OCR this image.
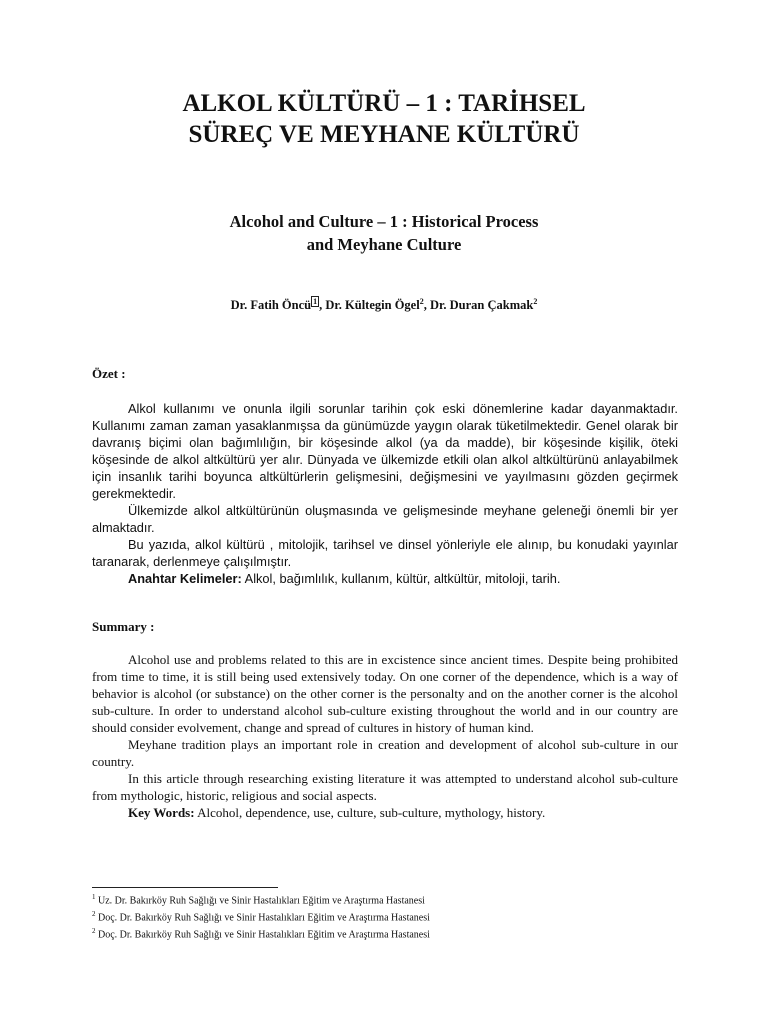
ALKOL KÜLTÜRÜ – 1 : TARİHSEL
SÜREÇ VE MEYHANE KÜLTÜRÜ
Alcohol and Culture – 1 : Historical Process
and Meyhane Culture
Dr. Fatih Öncü $^1$ , Dr. Kültegin Ögel$^2$, Dr. Duran Çakmak$^2$
Özet :

Alkol kullanımı ve onunla ilgili sorunlar tarihin çok eski dönemlerine kadar dayanmaktadır. Kullanımı zaman zaman yasaklanmışsa da günümüzde yaygın olarak tüketilmektedir. Genel olarak bir davranış biçimi olan bağımlılığın, bir köşesinde alkol (ya da madde), bir köşesinde kişilik, öteki köşesinde de alkol altkültürü yer alır. Dünyada ve ülkemizde etkili olan alkol altkültürünü anlayabilmek için insanlık tarihi boyunca altkültürlerin gelişmesini, değişmesini ve yayılmasını gözden geçirmek gerekmektedir.

Ülkemizde alkol altkültürünün oluşmasında ve gelişmesinde meyhane geleneği önemli bir yer almaktadır.

Bu yazıda, alkol kültürü , mitolojik, tarihsel ve dinsel yönleriyle ele alınıp, bu konudaki yayınlar taranarak, derlenmeye çalışılmıştır.

Anahtar Kelimeler: Alkol, bağımlılık, kullanım, kültür, altkültür, mitoloji, tarih.

Summary :

Alcohol use and problems related to this are in excistence since ancient times. Despite being prohibited from time to time, it is still being used extensively today. On one corner of the dependence, which is a way of behavior is alcohol (or substance) on the other corner is the personalty and on the another corner is the alcohol sub-culture. In order to understand alcohol sub-culture existing throughout the world and in our country are should consider evolvement, change and spread of cultures in history of human kind.

Meyhane tradition plays an important role in creation and development of alcohol sub-culture in our country.

In this article through researching existing literature it was attempted to understand alcohol sub-culture from mythologic, historic, religious and social aspects.

Key Words: Alcohol, dependence, use, culture, sub-culture, mythology, history.

$^1$ Uz. Dr. Bakırköy Ruh Sağlığı ve Sinir Hastalıkları Eğitim ve Araştırma Hastanesi
$^2$ Doç. Dr. Bakırköy Ruh Sağlığı ve Sinir Hastalıkları Eğitim ve Araştırma Hastanesi
$^2$ Doç. Dr. Bakırköy Ruh Sağlığı ve Sinir Hastalıkları Eğitim ve Araştırma Hastanesi
